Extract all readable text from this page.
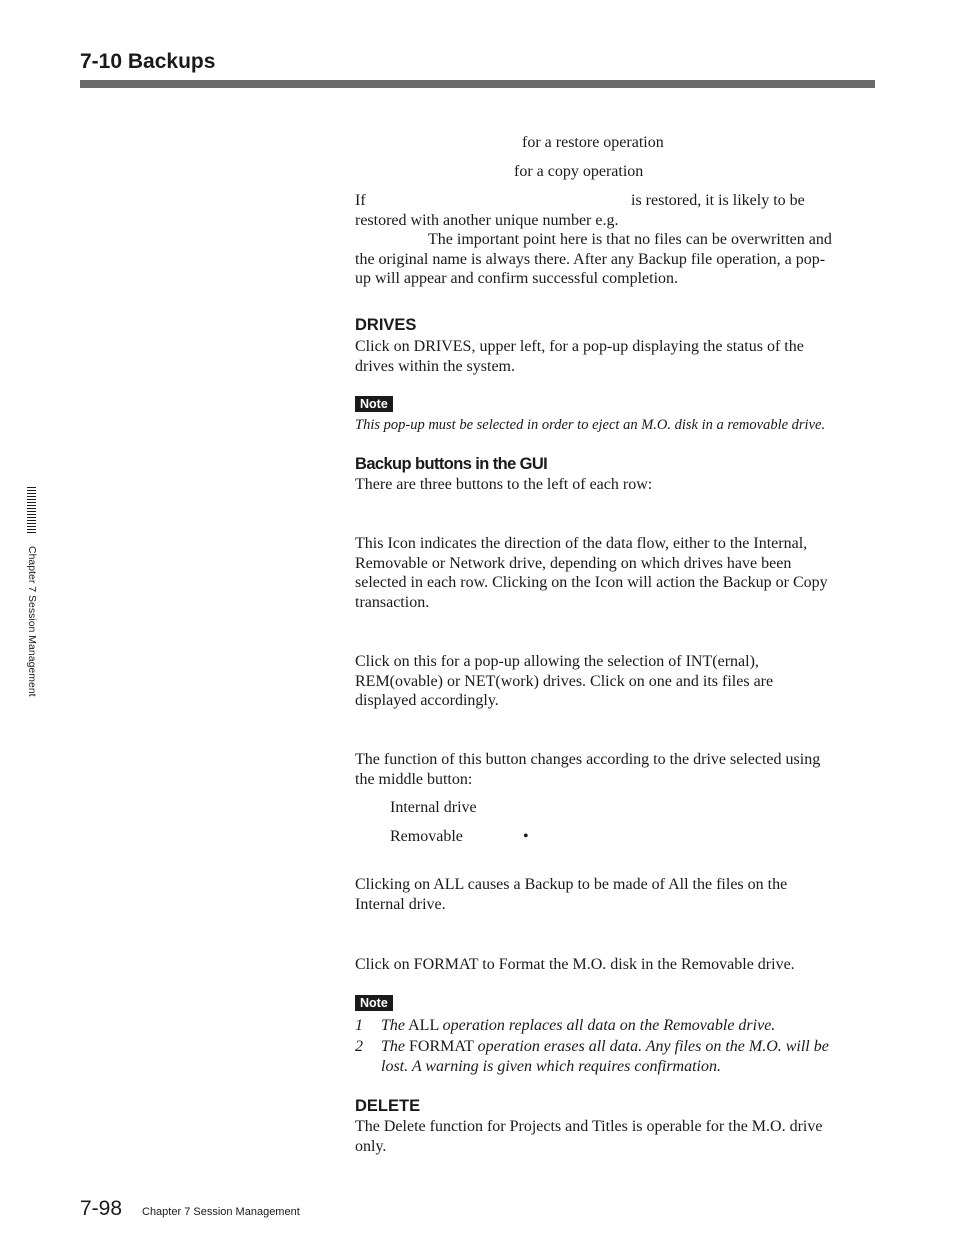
7-10 Backups
for a restore operation
for a copy operation
If	is restored, it is likely to be
restored with another unique number e.g.
The important point here is that no files can be overwritten and
the original name is always there. After any Backup file operation, a pop-
up will appear and confirm successful completion.
DRIVES
Click on DRIVES, upper left, for a pop-up displaying the status of the
drives within the system.
Note
This pop-up must be selected in order to eject an M.O. disk in a removable drive.
Backup buttons in the GUI
There are three buttons to the left of each row:
This Icon indicates the direction of the data flow, either to the Internal,
Removable or Network drive, depending on which drives have been
selected in each row. Clicking on the Icon will action the Backup or Copy
transaction.
Click on this for a pop-up allowing the selection of INT(ernal),
REM(ovable) or NET(work) drives. Click on one and its files are
displayed accordingly.
The function of this button changes according to the drive selected using
the middle button:
Internal drive
Removable	•
Clicking on ALL causes a Backup to be made of All the files on the
Internal drive.
Click on FORMAT to Format the M.O. disk in the Removable drive.
Note
1 The ALL operation replaces all data on the Removable drive.
2 The FORMAT operation erases all data. Any files on the M.O. will be
lost. A warning is given which requires confirmation.
DELETE
The Delete function for Projects and Titles is operable for the M.O. drive
only.
Chapter 7 Session Management
7-98 Chapter 7 Session Management
